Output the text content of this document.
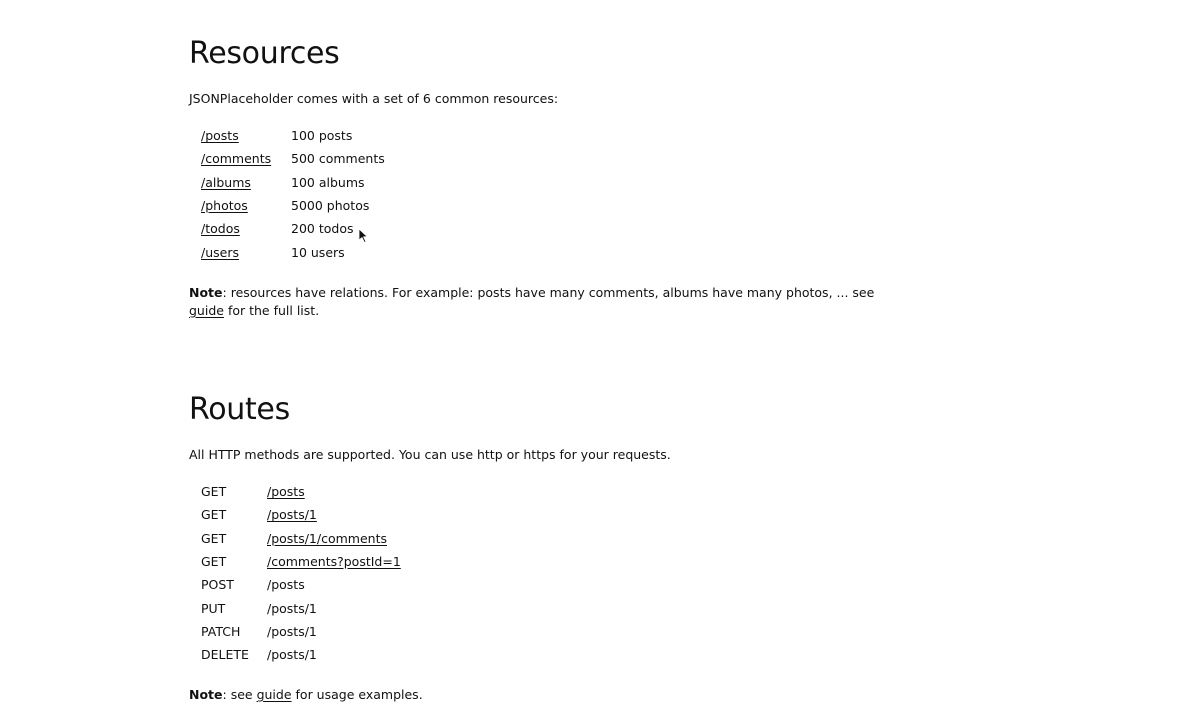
Resources
JSONPlaceholder comes with a set of 6 common resources:
/posts	100 posts
/comments	500 comments
/albums	100 albums
/photos	5000 photos
/todos	200 todos
/users	10 users
Note: resources have relations. For example: posts have many comments, albums have many photos, ... see guide for the full list.
Routes
All HTTP methods are supported. You can use http or https for your requests.
GET	/posts
GET	/posts/1
GET	/posts/1/comments
GET	/comments?postId=1
POST	/posts
PUT	/posts/1
PATCH	/posts/1
DELETE	/posts/1
Note: see guide for usage examples.
